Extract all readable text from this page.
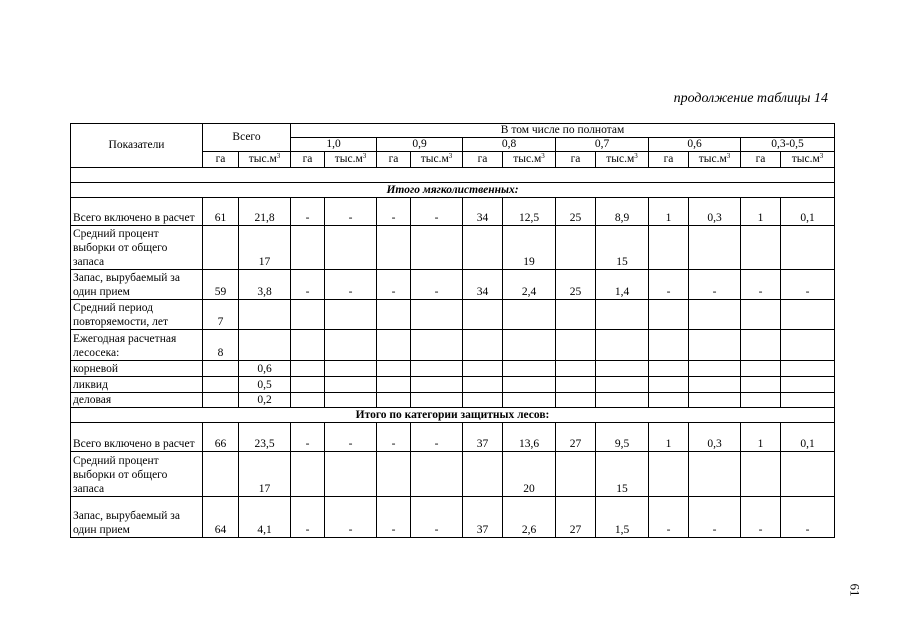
продолжение таблицы 14
Показатели	Всего		В том числе по полнотам											
			1,0		0,9		0,8		0,7		0,6		0,3-0,5	
	га	$тыс.м^3$	га	$тыс.м^3$	га	$тыс.м^3$	га	$тыс.м^3$	га	$тыс.м^3$	га	$тыс.м^3$	га	$тыс.м^3$

Итого мягколиственных:														
Всего включено в расчет	61	21,8	-	-	-	-	34	12,5	25	8,9	1	0,3	1	0,1
Средний процент выборки от общего запаса		17						19		15				
Запас, вырубаемый за один прием	59	3,8	-	-	-	-	34	2,4	25	1,4	-	-	-	-
Средний период повторяемости, лет	7													
Ежегодная расчетная лесосека:	8													
корневой		0,6												
ликвид		0,5												
деловая		0,2												
Итого по категории защитных лесов:														
Всего включено в расчет	66	23,5	-	-	-	-	37	13,6	27	9,5	1	0,3	1	0,1
Средний процент выборки от общего запаса		17						20		15				
Запас, вырубаемый за один прием	64	4,1	-	-	-	-	37	2,6	27	1,5	-	-	-	-
61
